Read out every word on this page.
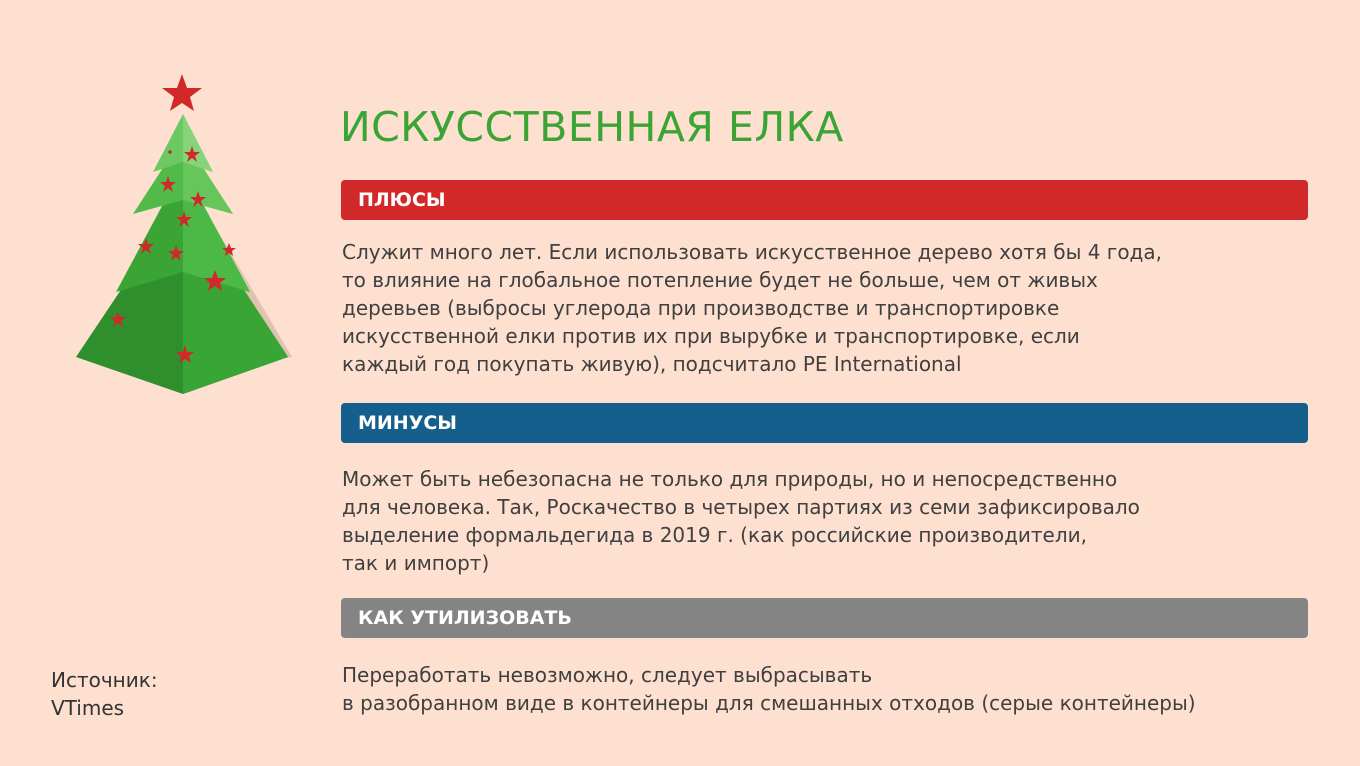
ИСКУССТВЕННАЯ ЕЛКА
ПЛЮСЫ
Служит много лет. Если использовать искусственное дерево хотя бы 4 года,
то влияние на глобальное потепление будет не больше, чем от живых
деревьев (выбросы углерода при производстве и транспортировке
искусственной елки против их при вырубке и транспортировке, если
каждый год покупать живую), подсчитало PE International
МИНУСЫ
Может быть небезопасна не только для природы, но и непосредственно
для человека. Так, Роскачество в четырех партиях из семи зафиксировало
выделение формальдегида в 2019 г. (как российские производители,
так и импорт)
КАК УТИЛИЗОВАТЬ
Переработать невозможно, следует выбрасывать
в разобранном виде в контейнеры для смешанных отходов (серые контейнеры)
Источник:
VTimes
